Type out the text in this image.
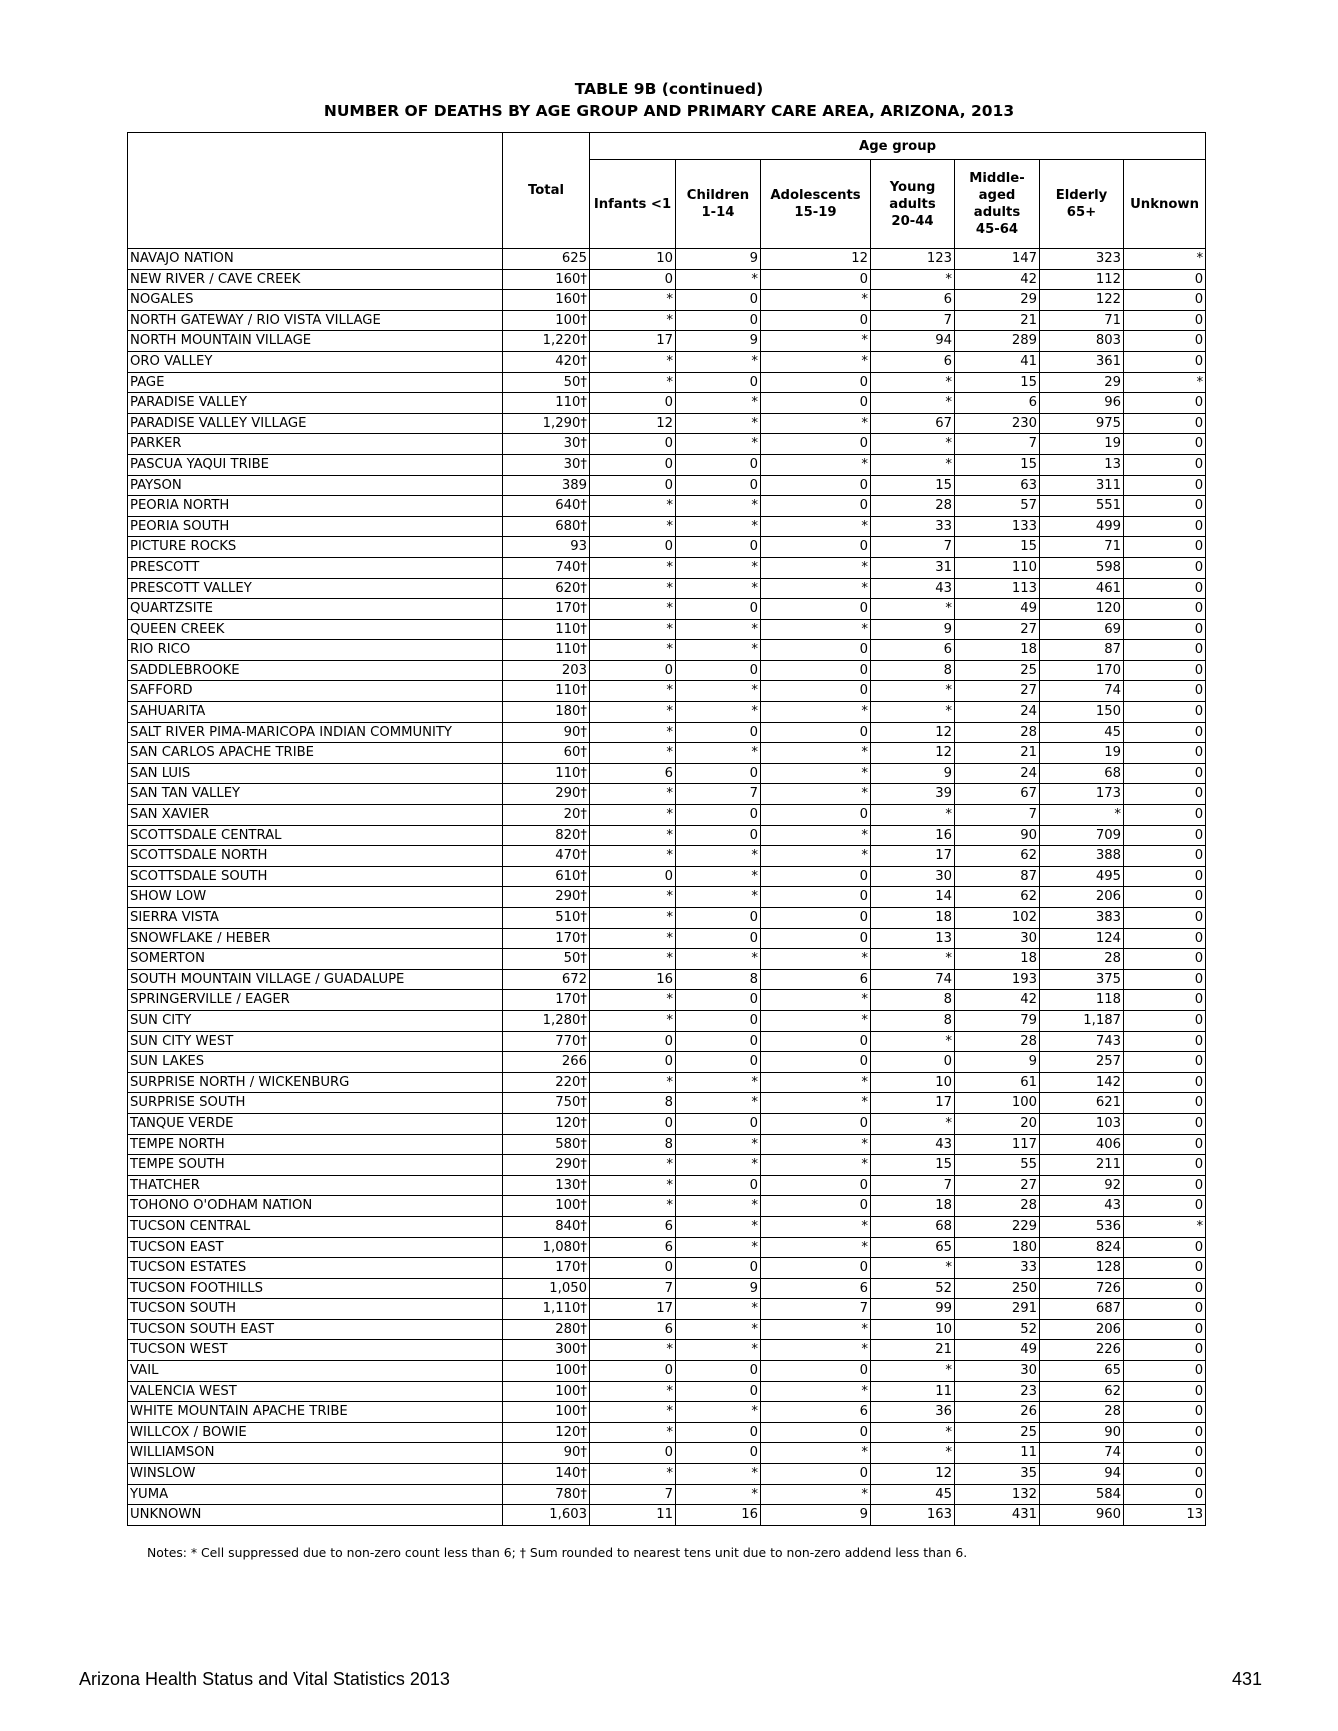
TABLE 9B (continued)
NUMBER OF DEATHS BY AGE GROUP AND PRIMARY CARE AREA, ARIZONA, 2013
	Total	Age group						
		Infants <1	Children 1-14	Adolescents 15-19	Young adults 20-44	Middle-aged adults 45-64	Elderly 65+	Unknown
NAVAJO NATION	625	10	9	12	123	147	323	*
NEW RIVER / CAVE CREEK	160†	0	*	0	*	42	112	0
NOGALES	160†	*	0	*	6	29	122	0
NORTH GATEWAY / RIO VISTA VILLAGE	100†	*	0	0	7	21	71	0
NORTH MOUNTAIN VILLAGE	1,220†	17	9	*	94	289	803	0
ORO VALLEY	420†	*	*	*	6	41	361	0
PAGE	50†	*	0	0	*	15	29	*
PARADISE VALLEY	110†	0	*	0	*	6	96	0
PARADISE VALLEY VILLAGE	1,290†	12	*	*	67	230	975	0
PARKER	30†	0	*	0	*	7	19	0
PASCUA YAQUI TRIBE	30†	0	0	*	*	15	13	0
PAYSON	389	0	0	0	15	63	311	0
PEORIA NORTH	640†	*	*	0	28	57	551	0
PEORIA SOUTH	680†	*	*	*	33	133	499	0
PICTURE ROCKS	93	0	0	0	7	15	71	0
PRESCOTT	740†	*	*	*	31	110	598	0
PRESCOTT VALLEY	620†	*	*	*	43	113	461	0
QUARTZSITE	170†	*	0	0	*	49	120	0
QUEEN CREEK	110†	*	*	*	9	27	69	0
RIO RICO	110†	*	*	0	6	18	87	0
SADDLEBROOKE	203	0	0	0	8	25	170	0
SAFFORD	110†	*	*	0	*	27	74	0
SAHUARITA	180†	*	*	*	*	24	150	0
SALT RIVER PIMA-MARICOPA INDIAN COMMUNITY	90†	*	0	0	12	28	45	0
SAN CARLOS APACHE TRIBE	60†	*	*	*	12	21	19	0
SAN LUIS	110†	6	0	*	9	24	68	0
SAN TAN VALLEY	290†	*	7	*	39	67	173	0
SAN XAVIER	20†	*	0	0	*	7	*	0
SCOTTSDALE CENTRAL	820†	*	0	*	16	90	709	0
SCOTTSDALE NORTH	470†	*	*	*	17	62	388	0
SCOTTSDALE SOUTH	610†	0	*	0	30	87	495	0
SHOW LOW	290†	*	*	0	14	62	206	0
SIERRA VISTA	510†	*	0	0	18	102	383	0
SNOWFLAKE / HEBER	170†	*	0	0	13	30	124	0
SOMERTON	50†	*	*	*	*	18	28	0
SOUTH MOUNTAIN VILLAGE / GUADALUPE	672	16	8	6	74	193	375	0
SPRINGERVILLE / EAGER	170†	*	0	*	8	42	118	0
SUN CITY	1,280†	*	0	*	8	79	1,187	0
SUN CITY WEST	770†	0	0	0	*	28	743	0
SUN LAKES	266	0	0	0	0	9	257	0
SURPRISE NORTH / WICKENBURG	220†	*	*	*	10	61	142	0
SURPRISE SOUTH	750†	8	*	*	17	100	621	0
TANQUE VERDE	120†	0	0	0	*	20	103	0
TEMPE NORTH	580†	8	*	*	43	117	406	0
TEMPE SOUTH	290†	*	*	*	15	55	211	0
THATCHER	130†	*	0	0	7	27	92	0
TOHONO O'ODHAM NATION	100†	*	*	0	18	28	43	0
TUCSON CENTRAL	840†	6	*	*	68	229	536	*
TUCSON EAST	1,080†	6	*	*	65	180	824	0
TUCSON ESTATES	170†	0	0	0	*	33	128	0
TUCSON FOOTHILLS	1,050	7	9	6	52	250	726	0
TUCSON SOUTH	1,110†	17	*	7	99	291	687	0
TUCSON SOUTH EAST	280†	6	*	*	10	52	206	0
TUCSON WEST	300†	*	*	*	21	49	226	0
VAIL	100†	0	0	0	*	30	65	0
VALENCIA WEST	100†	*	0	*	11	23	62	0
WHITE MOUNTAIN APACHE TRIBE	100†	*	*	6	36	26	28	0
WILLCOX / BOWIE	120†	*	0	0	*	25	90	0
WILLIAMSON	90†	0	0	*	*	11	74	0
WINSLOW	140†	*	*	0	12	35	94	0
YUMA	780†	7	*	*	45	132	584	0
UNKNOWN	1,603	11	16	9	163	431	960	13
Notes: * Cell suppressed due to non-zero count less than 6; † Sum rounded to nearest tens unit due to non-zero addend less than 6.
Arizona Health Status and Vital Statistics 2013	431
